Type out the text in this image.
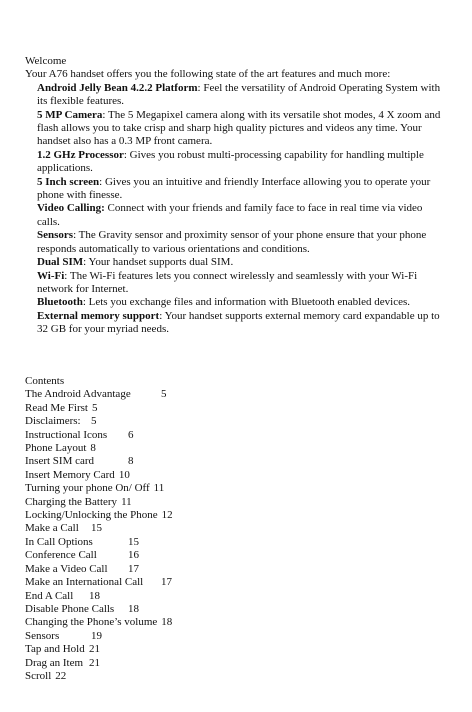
Welcome
Your A76 handset offers you the following state of the art features and much more:
Android Jelly Bean 4.2.2 Platform: Feel the versatility of Android Operating System with its flexible features.
5 MP Camera: The 5 Megapixel camera along with its versatile shot modes, 4 X zoom and flash allows you to take crisp and sharp high quality pictures and videos any time. Your handset also has a 0.3 MP front camera.
1.2 GHz Processor: Gives you robust multi-processing capability for handling multiple applications.
5 Inch screen: Gives you an intuitive and friendly Interface allowing you to operate your phone with finesse.
Video Calling: Connect with your friends and family face to face in real time via video calls.
Sensors: The Gravity sensor and proximity sensor of your phone ensure that your phone responds automatically to various orientations and conditions.
Dual SIM: Your handset supports dual SIM.
Wi-Fi: The Wi-Fi features lets you connect wirelessly and seamlessly with your Wi-Fi network for Internet.
Bluetooth: Lets you exchange files and information with Bluetooth enabled devices.
External memory support: Your handset supports external memory card expandable up to 32 GB for your myriad needs.
Contents
The Android Advantage	5
Read Me First 5
Disclaimers: 5
Instructional Icons	6
Phone Layout 8
Insert SIM card	8
Insert Memory Card 10
Turning your phone On/ Off 11
Charging the Battery 11
Locking/Unlocking the Phone 12
Make a Call	15
In Call Options	15
Conference Call	16
Make a Video Call	17
Make an International Call	17
End A Call	18
Disable Phone Calls	18
Changing the Phone’s volume 18
Sensors	19
Tap and Hold 21
Drag an Item 21
Scroll 22
